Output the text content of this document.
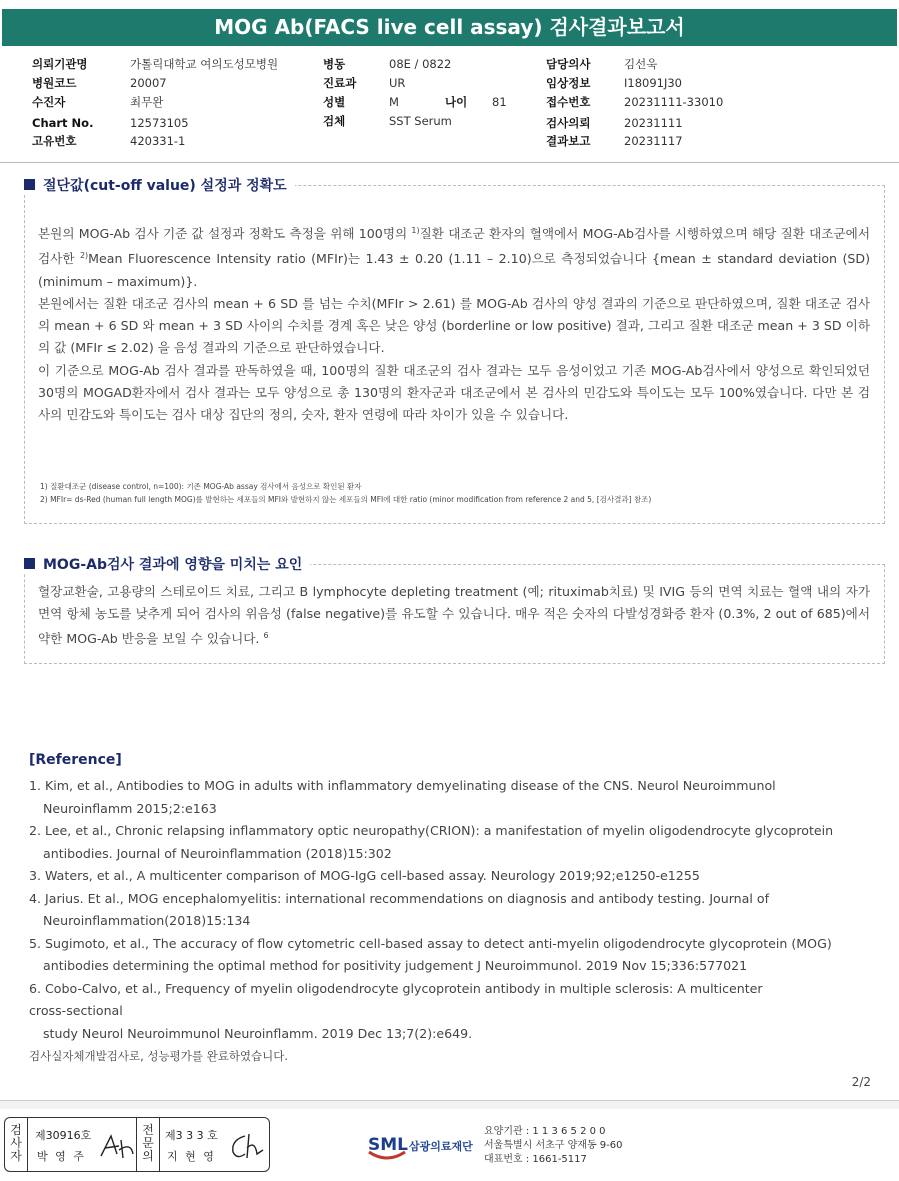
MOG Ab(FACS live cell assay) 검사결과보고서
의뢰기관명	가톨릭대학교 여의도성모병원
병원코드	20007
수진자	최무완
Chart No.	12573105
고유번호	420331-1
병동	08E / 0822
진료과	UR
성별	M	나이 81
검체	SST Serum
담당의사	김선욱
임상정보	I18091J30
접수번호	20231111-33010
검사의뢰	20231111
결과보고	20231117
절단값(cut-off value) 설정과 정확도

본원의 MOG-Ab 검사 기준 값 설정과 정확도 측정을 위해 100명의 $^{1)}$질환 대조군 환자의 혈액에서 MOG-Ab검사를 시행하였으며 해당 질환 대조군에서 검사한 $^{2)}$Mean Fluorescence Intensity ratio (MFIr)는 1.43 ± 0.20 (1.11 – 2.10)으로 측정되었습니다 {mean ± standard deviation (SD) (minimum – maximum)}.

본원에서는 질환 대조군 검사의 mean + 6 SD 를 넘는 수치(MFIr > 2.61) 를 MOG-Ab 검사의 양성 결과의 기준으로 판단하였으며, 질환 대조군 검사의 mean + 6 SD 와 mean + 3 SD 사이의 수치를 경계 혹은 낮은 양성 (borderline or low positive) 결과, 그리고 질환 대조군 mean + 3 SD 이하의 값 (MFIr ≤ 2.02) 을 음성 결과의 기준으로 판단하였습니다.

이 기준으로 MOG-Ab 검사 결과를 판독하였을 때, 100명의 질환 대조군의 검사 결과는 모두 음성이었고 기존 MOG-Ab검사에서 양성으로 확인되었던 30명의 MOGAD환자에서 검사 결과는 모두 양성으로 총 130명의 환자군과 대조군에서 본 검사의 민감도와 특이도는 모두 100%였습니다. 다만 본 검사의 민감도와 특이도는 검사 대상 집단의 정의, 숫자, 환자 연령에 따라 차이가 있을 수 있습니다.

1) 질환대조군 (disease control, n=100): 기존 MOG-Ab assay 검사에서 음성으로 확인된 환자
2) MFIr= ds-Red (human full length MOG)를 발현하는 세포들의 MFI와 발현하지 않는 세포들의 MFI에 대한 ratio (minor modification from reference 2 and 5, [검사결과] 참조)
MOG-Ab검사 결과에 영향을 미치는 요인

혈장교환술, 고용량의 스테로이드 치료, 그리고 B lymphocyte depleting treatment (예; rituximab치료) 및 IVIG 등의 면역 치료는 혈액 내의 자가면역 항체 농도를 낮추게 되어 검사의 위음성 (false negative)를 유도할 수 있습니다. 매우 적은 숫자의 다발성경화증 환자 (0.3%, 2 out of 685)에서 약한 MOG-Ab 반응을 보일 수 있습니다. $^6$

[Reference]
1. Kim, et al., Antibodies to MOG in adults with inflammatory demyelinating disease of the CNS. Neurol Neuroimmunol
Neuroinflamm 2015;2:e163
2. Lee, et al., Chronic relapsing inflammatory optic neuropathy(CRION): a manifestation of myelin oligodendrocyte glycoprotein
antibodies. Journal of Neuroinflammation (2018)15:302
3. Waters, et al., A multicenter comparison of MOG-IgG cell-based assay. Neurology 2019;92;e1250-e1255
4. Jarius. Et al., MOG encephalomyelitis: international recommendations on diagnosis and antibody testing. Journal of
Neuroinflammation(2018)15:134
5. Sugimoto, et al., The accuracy of flow cytometric cell-based assay to detect anti-myelin oligodendrocyte glycoprotein (MOG)
antibodies determining the optimal method for positivity judgement J Neuroimmunol. 2019 Nov 15;336:577021
6. Cobo-Calvo, et al., Frequency of myelin oligodendrocyte glycoprotein antibody in multiple sclerosis: A multicenter
cross-sectional
study Neurol Neuroimmunol Neuroinflamm. 2019 Dec 13;7(2):e649.
검사실자체개발검사로, 성능평가를 완료하였습니다.
2/2
검사자
제30916호
박 영 주
전문의
제3 3 3 호
지 현 영
SML 삼광의료재단
요양기관 : 1 1 3 6 5 2 0 0
서울특별시 서초구 양재동 9-60
대표번호 : 1661-5117
